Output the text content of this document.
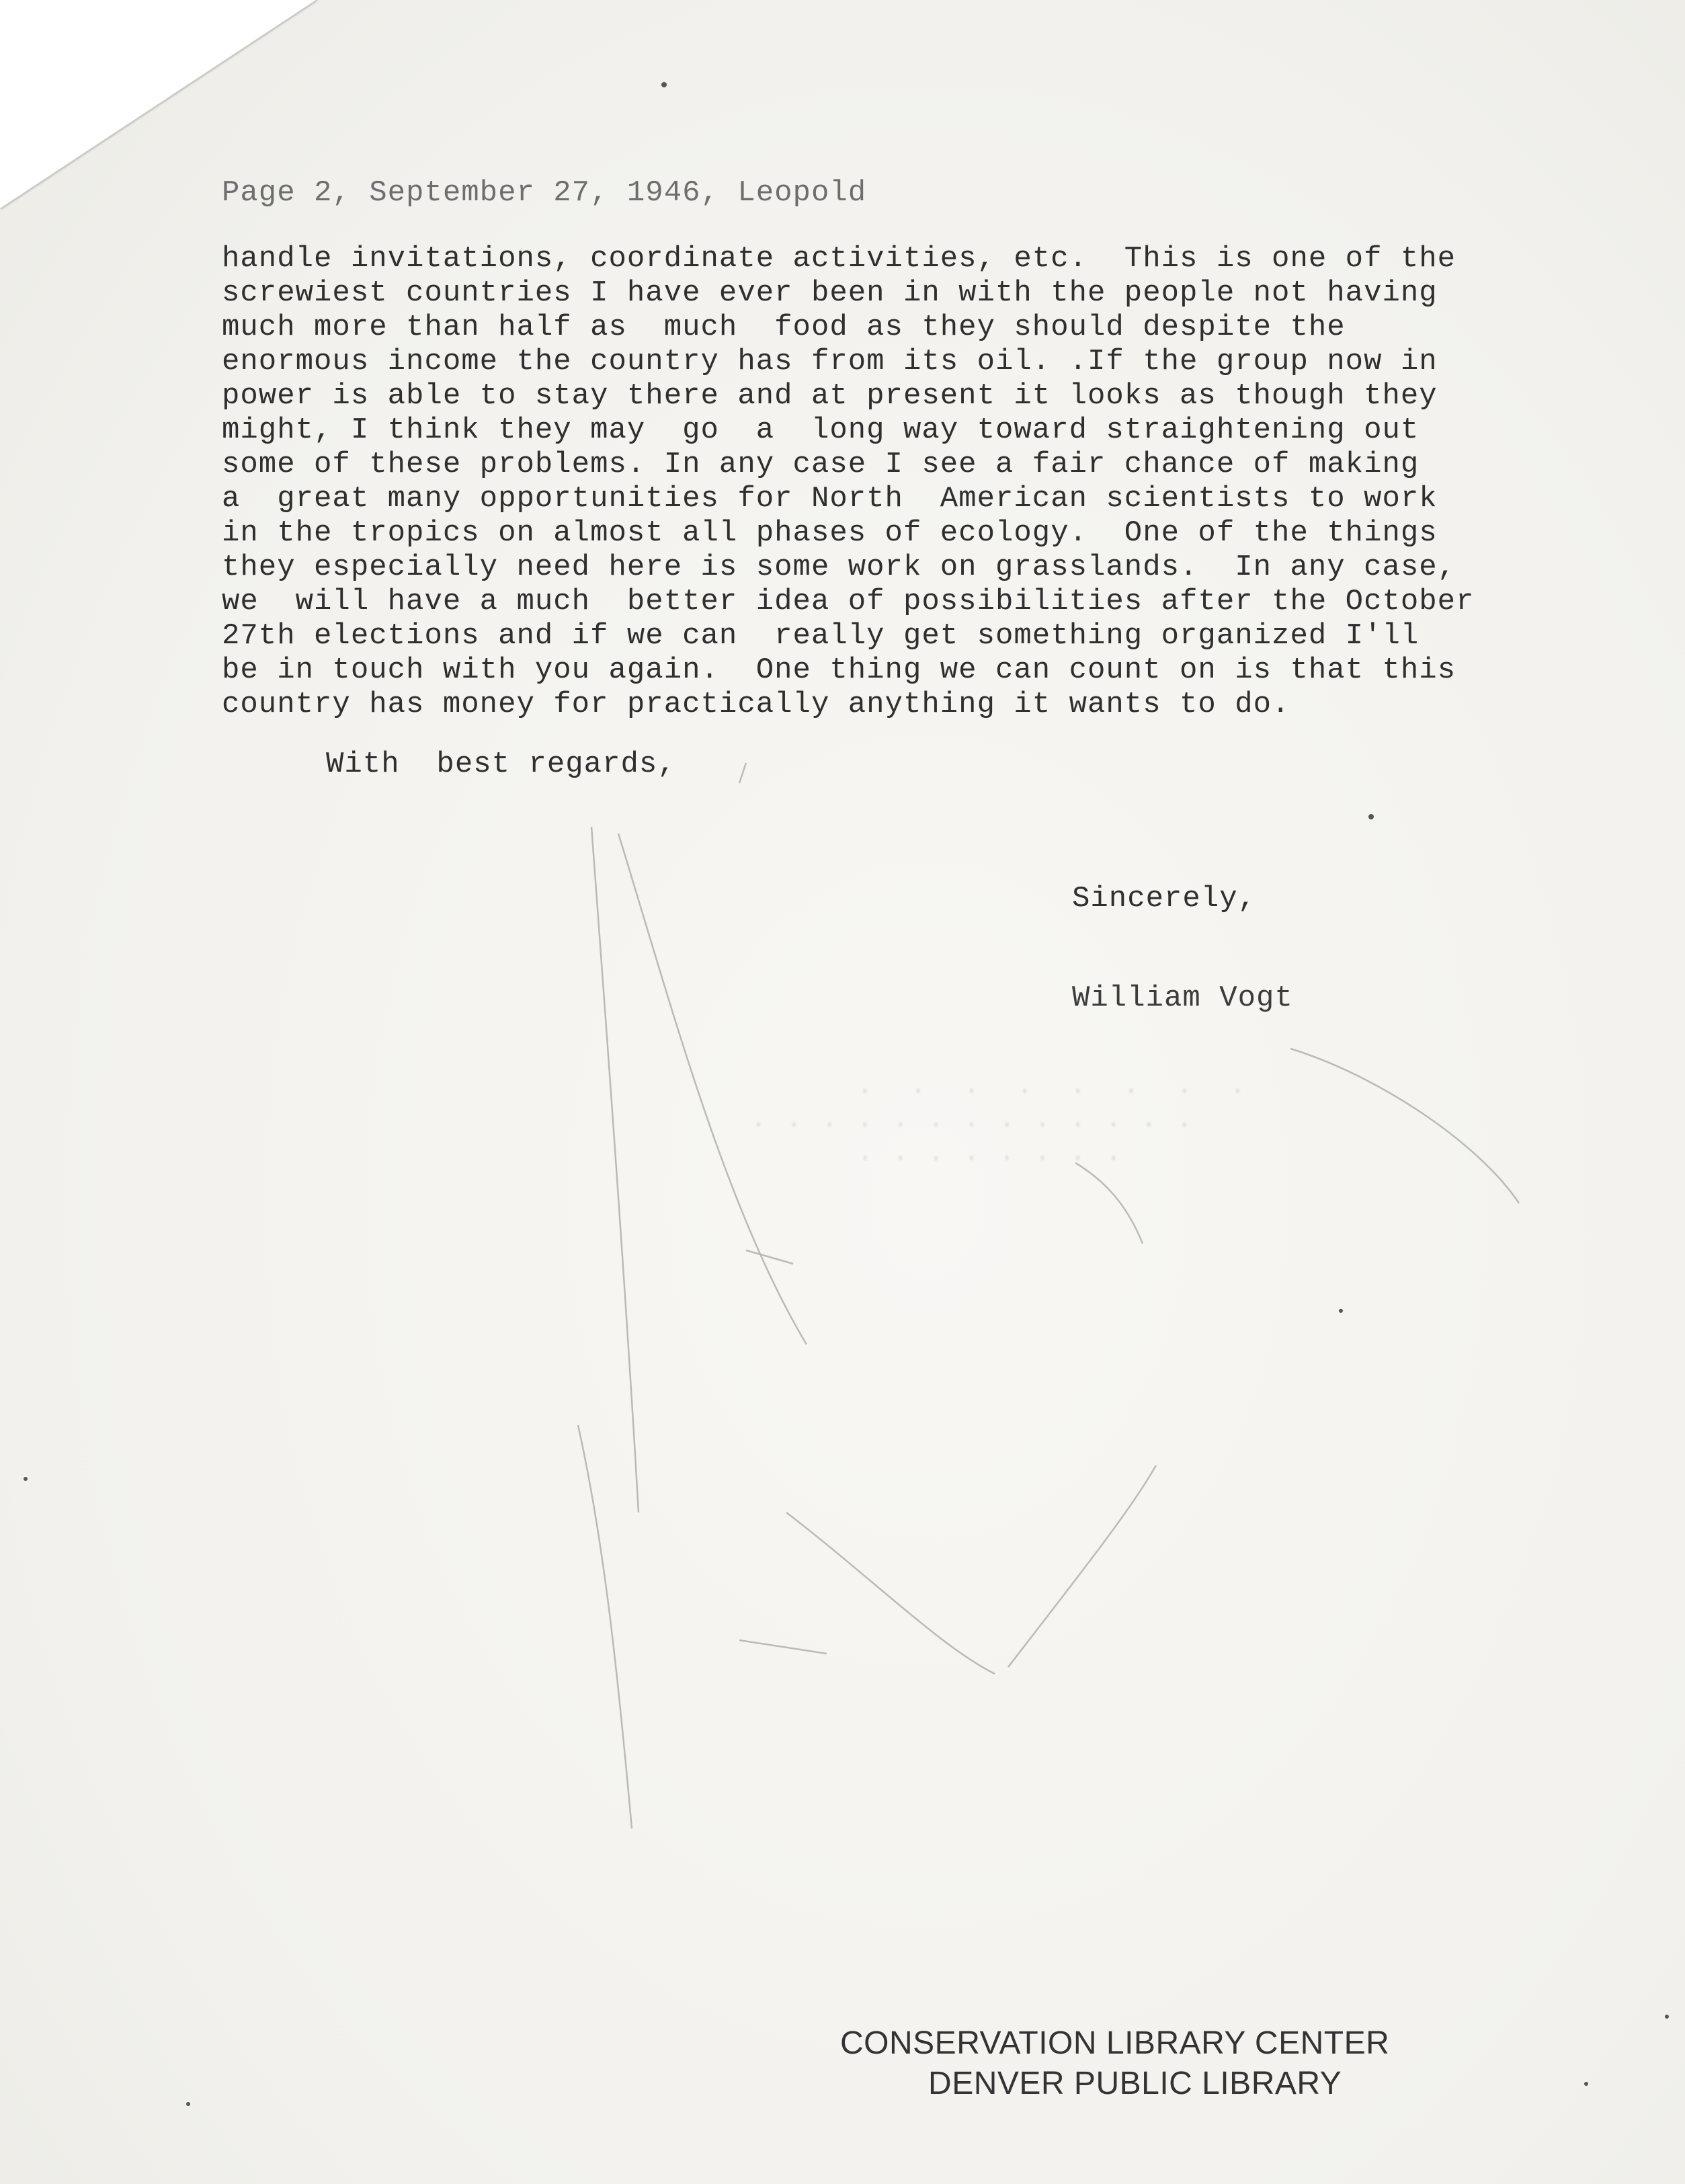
.  .  .  .  .  .  .  .
. . . . . . . . . . . . .
. . . . . . . .

Page 2, September 27, 1946, Leopold
handle invitations, coordinate activities, etc.  This is one of the
screwiest countries I have ever been in with the people not having
much more than half as  much  food as they should despite the
enormous income the country has from its oil. .If the group now in
power is able to stay there and at present it looks as though they
might, I think they may  go  a  long way toward straightening out
some of these problems. In any case I see a fair chance of making
a  great many opportunities for North  American scientists to work
in the tropics on almost all phases of ecology.  One of the things
they especially need here is some work on grasslands.  In any case,
we  will have a much  better idea of possibilities after the October
27th elections and if we can  really get something organized I'll
be in touch with you again.  One thing we can count on is that this
country has money for practically anything it wants to do.
With  best regards,
Sincerely,
William Vogt
CONSERVATION LIBRARY CENTER
DENVER PUBLIC LIBRARY
